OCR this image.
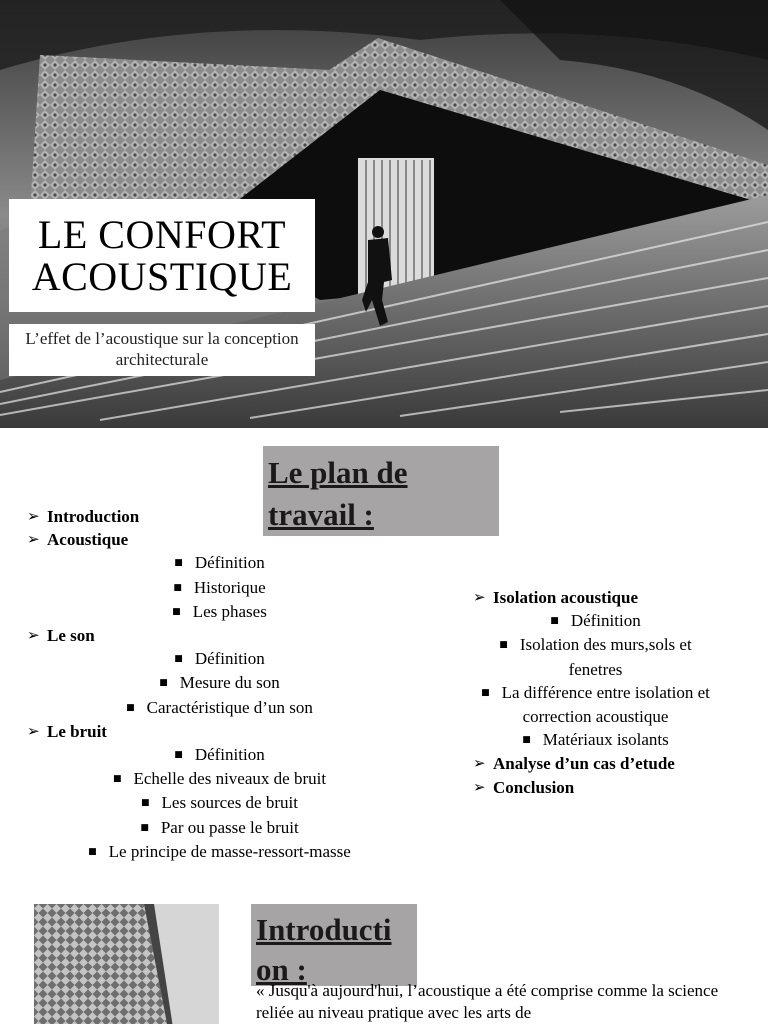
LE CONFORT
ACOUSTIQUE
L’effet de l’acoustique sur la conception architecturale
Le plan de travail :
➢ Introduction
➢ Acoustique
■ Définition
■ Historique
■ Les phases
➢ Le son
■ Définition
■ Mesure du son
■ Caractéristique d’un son
➢ Le bruit
■ Définition
■ Echelle des niveaux de bruit
■ Les sources de bruit
■ Par ou passe le bruit
■ Le principe de masse-ressort-masse
➢ Isolation acoustique
■ Définition
■ Isolation des murs,sols et fenetres
■ La différence entre isolation et correction acoustique
■ Matériaux isolants
➢ Analyse d’un cas d’etude
➢ Conclusion
Introducti
on :
« Jusqu'à aujourd'hui, l’acoustique a été comprise comme la science reliée au niveau pratique avec les arts de
